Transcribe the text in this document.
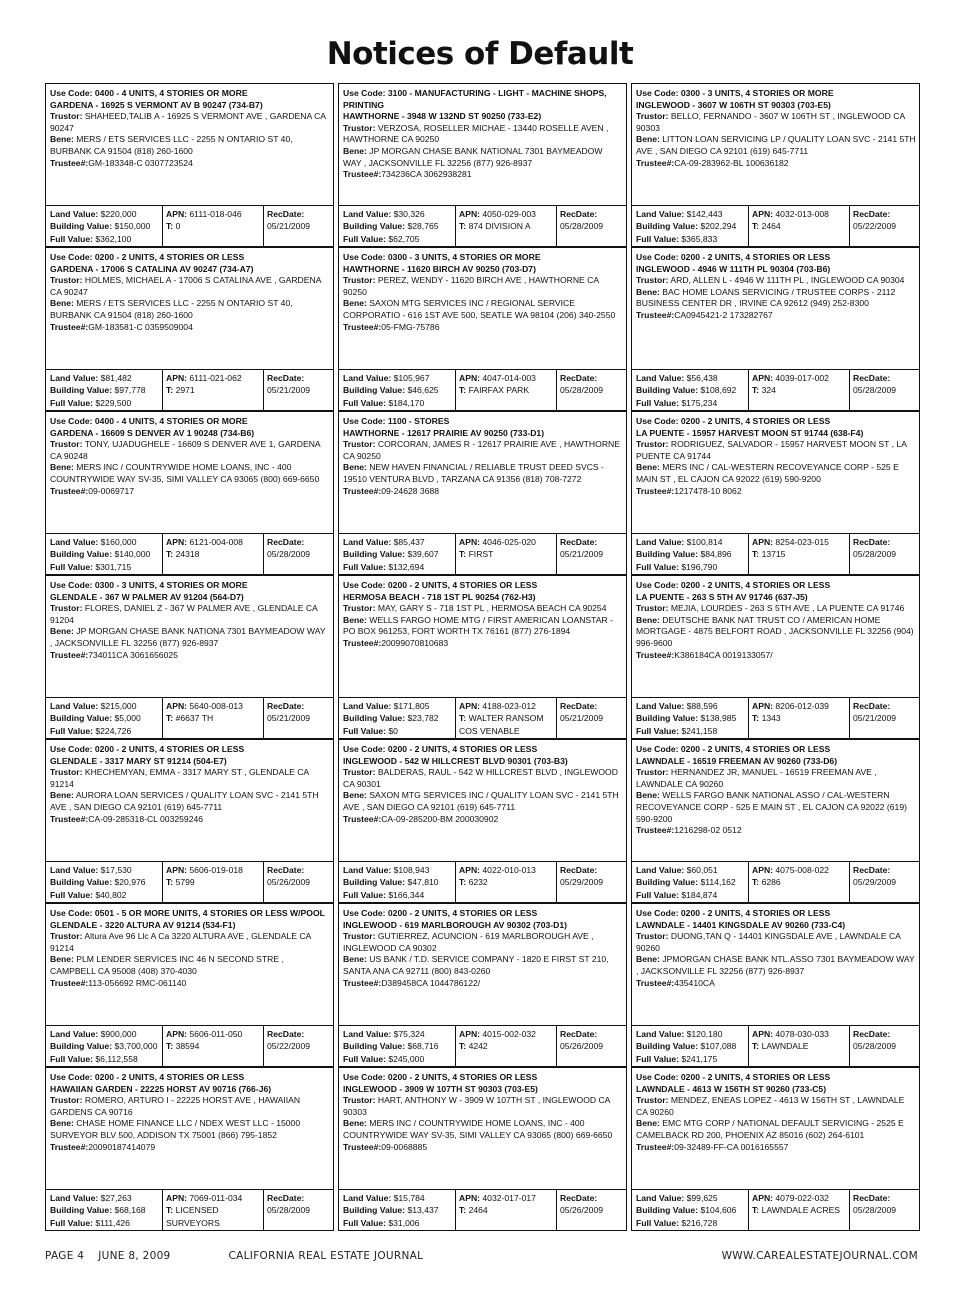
Notices of Default
Use Code: 0400 - 4 UNITS, 4 STORIES OR MORE
GARDENA - 16925 S VERMONT AV B 90247 (734-B7)
Trustor: SHAHEED,TALIB A - 16925 S VERMONT AVE , GARDENA CA 90247
Bene: MERS / ETS SERVICES LLC - 2255 N ONTARIO ST 40, BURBANK CA 91504 (818) 260-1600
Trustee#:GM-183348-C 0307723524
Land Value: $220,000
Building Value: $150,000
Full Value: $362,100
APN: 6111-018-046
T: 0
RecDate:
05/21/2009
Use Code: 3100 - MANUFACTURING - LIGHT - MACHINE SHOPS, PRINTING
HAWTHORNE - 3948 W 132ND ST 90250 (733-E2)
Trustor: VERZOSA, ROSELLER MICHAE - 13440 ROSELLE AVEN , HAWTHORNE CA 90250
Bene: JP MORGAN CHASE BANK NATIONAL 7301 BAYMEADOW WAY , JACKSONVILLE FL 32256 (877) 926-8937
Trustee#:734236CA 3062938281
Land Value: $30,326
Building Value: $28,765
Full Value: $62,705
APN: 4050-029-003
T: 874 DIVISION A
RecDate:
05/28/2009
Use Code: 0300 - 3 UNITS, 4 STORIES OR MORE
INGLEWOOD - 3607 W 106TH ST 90303 (703-E5)
Trustor: BELLO, FERNANDO - 3607 W 106TH ST , INGLEWOOD CA 90303
Bene: LITTON LOAN SERVICING LP / QUALITY LOAN SVC - 2141 5TH AVE , SAN DIEGO CA 92101 (619) 645-7711
Trustee#:CA-09-283962-BL 100636182
Land Value: $142,443
Building Value: $202,294
Full Value: $365,833
APN: 4032-013-008
T: 2464
RecDate:
05/22/2009
Use Code: 0200 - 2 UNITS, 4 STORIES OR LESS
GARDENA - 17006 S CATALINA AV 90247 (734-A7)
Trustor: HOLMES, MICHAEL A - 17006 S CATALINA AVE , GARDENA CA 90247
Bene: MERS / ETS SERVICES LLC - 2255 N ONTARIO ST 40, BURBANK CA 91504 (818) 260-1600
Trustee#:GM-183581-C 0359509004
Land Value: $81,482
Building Value: $97,778
Full Value: $229,500
APN: 6111-021-062
T: 2971
RecDate:
05/21/2009
Use Code: 0300 - 3 UNITS, 4 STORIES OR MORE
HAWTHORNE - 11620 BIRCH AV 90250 (703-D7)
Trustor: PEREZ, WENDY - 11620 BIRCH AVE , HAWTHORNE CA 90250
Bene: SAXON MTG SERVICES INC / REGIONAL SERVICE CORPORATIO - 616 1ST AVE 500, SEATLE WA 98104 (206) 340-2550
Trustee#:05-FMG-75786
Land Value: $105,967
Building Value: $46,625
Full Value: $184,170
APN: 4047-014-003
T: FAIRFAX PARK
RecDate:
05/28/2009
Use Code: 0200 - 2 UNITS, 4 STORIES OR LESS
INGLEWOOD - 4946 W 111TH PL 90304 (703-B6)
Trustor: ARD, ALLEN L - 4946 W 111TH PL , INGLEWOOD CA 90304
Bene: BAC HOME LOANS SERVICING / TRUSTEE CORPS - 2112 BUSINESS CENTER DR , IRVINE CA 92612 (949) 252-8300
Trustee#:CA0945421-2 173282767
Land Value: $56,438
Building Value: $108,692
Full Value: $175,234
APN: 4039-017-002
T: 324
RecDate:
05/28/2009
Use Code: 0400 - 4 UNITS, 4 STORIES OR MORE
GARDENA - 16609 S DENVER AV 1 90248 (734-B6)
Trustor: TONY, UJADUGHELE - 16609 S DENVER AVE 1, GARDENA CA 90248
Bene: MERS INC / COUNTRYWIDE HOME LOANS, INC - 400 COUNTRYWIDE WAY SV-35, SIMI VALLEY CA 93065 (800) 669-6650
Trustee#:09-0069717
Land Value: $160,000
Building Value: $140,000
Full Value: $301,715
APN: 6121-004-008
T: 24318
RecDate:
05/28/2009
Use Code: 1100 - STORES
HAWTHORNE - 12617 PRAIRIE AV 90250 (733-D1)
Trustor: CORCORAN, JAMES R - 12617 PRAIRIE AVE , HAWTHORNE CA 90250
Bene: NEW HAVEN FINANCIAL / RELIABLE TRUST DEED SVCS - 19510 VENTURA BLVD , TARZANA CA 91356 (818) 708-7272
Trustee#:09-24628 3688
Land Value: $85,437
Building Value: $39,607
Full Value: $132,694
APN: 4046-025-020
T: FIRST
RecDate:
05/21/2009
Use Code: 0200 - 2 UNITS, 4 STORIES OR LESS
LA PUENTE - 15957 HARVEST MOON ST 91744 (638-F4)
Trustor: RODRIGUEZ, SALVADOR - 15957 HARVEST MOON ST , LA PUENTE CA 91744
Bene: MERS INC / CAL-WESTERN RECOVEYANCE CORP - 525 E MAIN ST , EL CAJON CA 92022 (619) 590-9200
Trustee#:1217478-10 8062
Land Value: $100,814
Building Value: $84,896
Full Value: $196,790
APN: 8254-023-015
T: 13715
RecDate:
05/28/2009
Use Code: 0300 - 3 UNITS, 4 STORIES OR MORE
GLENDALE - 367 W PALMER AV 91204 (564-D7)
Trustor: FLORES, DANIEL Z - 367 W PALMER AVE , GLENDALE CA 91204
Bene: JP MORGAN CHASE BANK NATIONA 7301 BAYMEADOW WAY , JACKSONVILLE FL 32256 (877) 926-8937
Trustee#:734011CA 3061656025
Land Value: $215,000
Building Value: $5,000
Full Value: $224,726
APN: 5640-008-013
T: #6637 TH
RecDate:
05/21/2009
Use Code: 0200 - 2 UNITS, 4 STORIES OR LESS
HERMOSA BEACH - 718 1ST PL 90254 (762-H3)
Trustor: MAY, GARY S - 718 1ST PL , HERMOSA BEACH CA 90254
Bene: WELLS FARGO HOME MTG / FIRST AMERICAN LOANSTAR - PO BOX 961253, FORT WORTH TX 76161 (877) 276-1894
Trustee#:20099070810683
Land Value: $171,805
Building Value: $23,782
Full Value: $0
APN: 4188-023-012
T: WALTER RANSOM COS VENABLE
RecDate:
05/21/2009
Use Code: 0200 - 2 UNITS, 4 STORIES OR LESS
LA PUENTE - 263 S 5TH AV 91746 (637-J5)
Trustor: MEJIA, LOURDES - 263 S 5TH AVE , LA PUENTE CA 91746
Bene: DEUTSCHE BANK NAT TRUST CO / AMERICAN HOME MORTGAGE - 4875 BELFORT ROAD , JACKSONVILLE FL 32256 (904) 996-9600
Trustee#:K386184CA 0019133057/
Land Value: $88,596
Building Value: $138,985
Full Value: $241,158
APN: 8206-012-039
T: 1343
RecDate:
05/21/2009
Use Code: 0200 - 2 UNITS, 4 STORIES OR LESS
GLENDALE - 3317 MARY ST 91214 (504-E7)
Trustor: KHECHEMYAN, EMMA - 3317 MARY ST , GLENDALE CA 91214
Bene: AURORA LOAN SERVICES / QUALITY LOAN SVC - 2141 5TH AVE , SAN DIEGO CA 92101 (619) 645-7711
Trustee#:CA-09-285318-CL 003259246
Land Value: $17,530
Building Value: $20,976
Full Value: $40,802
APN: 5606-019-018
T: 5799
RecDate:
05/26/2009
Use Code: 0200 - 2 UNITS, 4 STORIES OR LESS
INGLEWOOD - 542 W HILLCREST BLVD 90301 (703-B3)
Trustor: BALDERAS, RAUL - 542 W HILLCREST BLVD , INGLEWOOD CA 90301
Bene: SAXON MTG SERVICES INC / QUALITY LOAN SVC - 2141 5TH AVE , SAN DIEGO CA 92101 (619) 645-7711
Trustee#:CA-09-285200-BM 200030902
Land Value: $108,943
Building Value: $47,810
Full Value: $166,344
APN: 4022-010-013
T: 6232
RecDate:
05/29/2009
Use Code: 0200 - 2 UNITS, 4 STORIES OR LESS
LAWNDALE - 16519 FREEMAN AV 90260 (733-D6)
Trustor: HERNANDEZ JR, MANUEL - 16519 FREEMAN AVE , LAWNDALE CA 90260
Bene: WELLS FARGO BANK NATIONAL ASSO / CAL-WESTERN RECOVEYANCE CORP - 525 E MAIN ST , EL CAJON CA 92022 (619) 590-9200
Trustee#:1216298-02 0512
Land Value: $60,051
Building Value: $114,162
Full Value: $184,874
APN: 4075-008-022
T: 6286
RecDate:
05/29/2009
Use Code: 0501 - 5 OR MORE UNITS, 4 STORIES OR LESS W/POOL
GLENDALE - 3220 ALTURA AV 91214 (534-F1)
Trustor: Altura Ave 96 Llc A Ca 3220 ALTURA AVE , GLENDALE CA 91214
Bene: PLM LENDER SERVICES INC 46 N SECOND STRE , CAMPBELL CA 95008 (408) 370-4030
Trustee#:113-056692 RMC-061140
Land Value: $900,000
Building Value: $3,700,000
Full Value: $6,112,558
APN: 5606-011-050
T: 38594
RecDate:
05/22/2009
Use Code: 0200 - 2 UNITS, 4 STORIES OR LESS
INGLEWOOD - 619 MARLBOROUGH AV 90302 (703-D1)
Trustor: GUTIERREZ, ACUNCION - 619 MARLBOROUGH AVE , INGLEWOOD CA 90302
Bene: US BANK / T.D. SERVICE COMPANY - 1820 E FIRST ST 210, SANTA ANA CA 92711 (800) 843-0260
Trustee#:D389458CA 1044786122/
Land Value: $75,324
Building Value: $68,716
Full Value: $245,000
APN: 4015-002-032
T: 4242
RecDate:
05/26/2009
Use Code: 0200 - 2 UNITS, 4 STORIES OR LESS
LAWNDALE - 14401 KINGSDALE AV 90260 (733-C4)
Trustor: DUONG,TAN Q - 14401 KINGSDALE AVE , LAWNDALE CA 90260
Bene: JPMORGAN CHASE BANK NTL.ASSO 7301 BAYMEADOW WAY , JACKSONVILLE FL 32256 (877) 926-8937
Trustee#:435410CA
Land Value: $120,180
Building Value: $107,088
Full Value: $241,175
APN: 4078-030-033
T: LAWNDALE
RecDate:
05/28/2009
Use Code: 0200 - 2 UNITS, 4 STORIES OR LESS
HAWAIIAN GARDEN - 22225 HORST AV 90716 (766-J6)
Trustor: ROMERO, ARTURO I - 22225 HORST AVE , HAWAIIAN GARDENS CA 90716
Bene: CHASE HOME FINANCE LLC / NDEX WEST LLC - 15000 SURVEYOR BLV 500, ADDISON TX 75001 (866) 795-1852
Trustee#:20090187414079
Land Value: $27,263
Building Value: $68,168
Full Value: $111,426
APN: 7069-011-034
T: LICENSED SURVEYORS
RecDate:
05/28/2009
Use Code: 0200 - 2 UNITS, 4 STORIES OR LESS
INGLEWOOD - 3909 W 107TH ST 90303 (703-E5)
Trustor: HART, ANTHONY W - 3909 W 107TH ST , INGLEWOOD CA 90303
Bene: MERS INC / COUNTRYWIDE HOME LOANS, INC - 400 COUNTRYWIDE WAY SV-35, SIMI VALLEY CA 93065 (800) 669-6650
Trustee#:09-0068885
Land Value: $15,784
Building Value: $13,437
Full Value: $31,006
APN: 4032-017-017
T: 2464
RecDate:
05/26/2009
Use Code: 0200 - 2 UNITS, 4 STORIES OR LESS
LAWNDALE - 4613 W 156TH ST 90260 (733-C5)
Trustor: MENDEZ, ENEAS LOPEZ - 4613 W 156TH ST , LAWNDALE CA 90260
Bene: EMC MTG CORP / NATIONAL DEFAULT SERVICING - 2525 E CAMELBACK RD 200, PHOENIX AZ 85016 (602) 264-6101
Trustee#:09-32489-FF-CA 0016165557
Land Value: $99,625
Building Value: $104,606
Full Value: $216,728
APN: 4079-022-032
T: LAWNDALE ACRES
RecDate:
05/28/2009
PAGE 4 JUNE 8, 2009	CALIFORNIA REAL ESTATE JOURNAL	WWW.CAREALESTATEJOURNAL.COM
